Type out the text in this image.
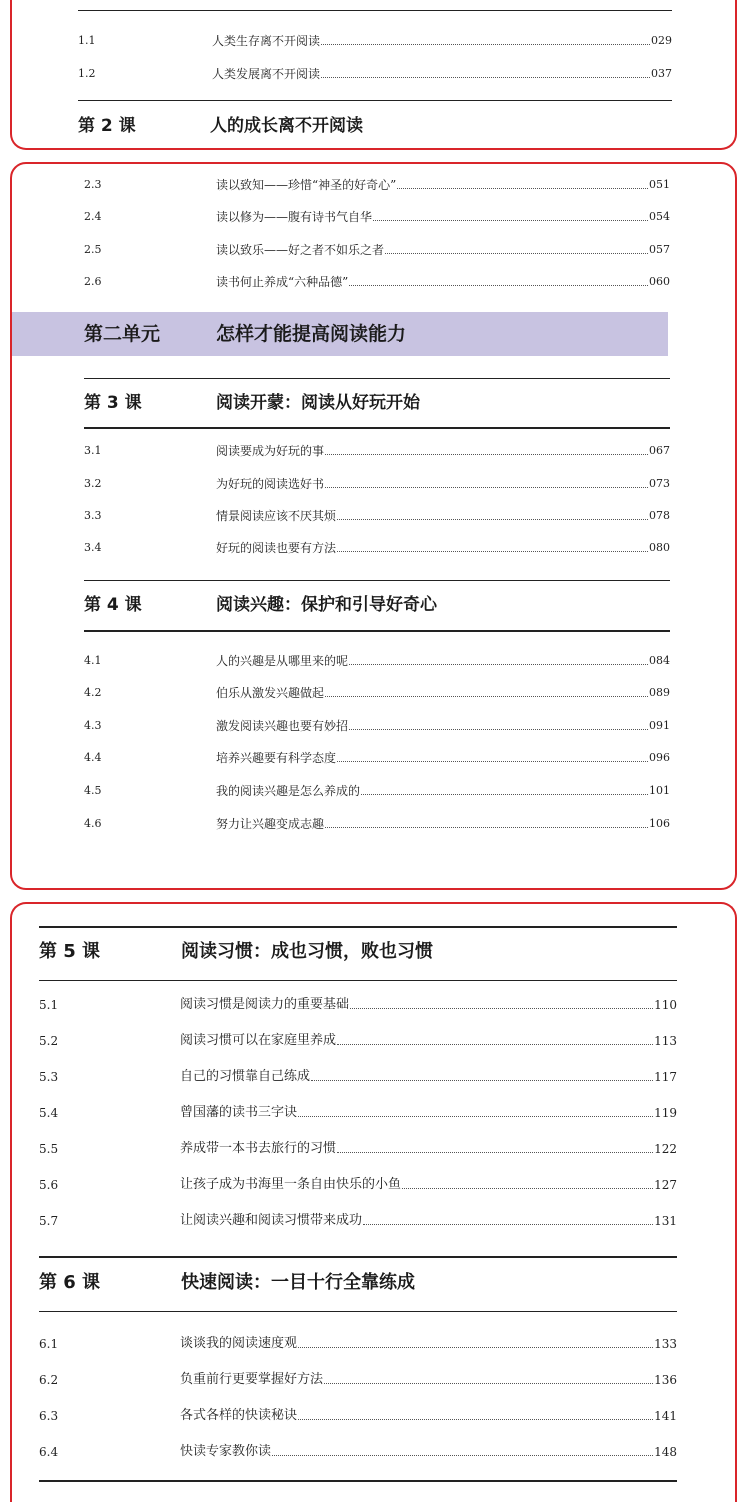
1.1	人类生存离不开阅读	029
1.2	人类发展离不开阅读	037
第 2 课	人的成长离不开阅读
2.3	读以致知——珍惜“神圣的好奇心”	051
2.4	读以修为——腹有诗书气自华	054
2.5	读以致乐——好之者不如乐之者	057
2.6	读书何止养成“六种品德”	060
第二单元	怎样才能提高阅读能力
第 3 课	阅读开蒙：阅读从好玩开始
3.1	阅读要成为好玩的事	067
3.2	为好玩的阅读选好书	073
3.3	情景阅读应该不厌其烦	078
3.4	好玩的阅读也要有方法	080
第 4 课	阅读兴趣：保护和引导好奇心
4.1	人的兴趣是从哪里来的呢	084
4.2	伯乐从激发兴趣做起	089
4.3	激发阅读兴趣也要有妙招	091
4.4	培养兴趣要有科学态度	096
4.5	我的阅读兴趣是怎么养成的	101
4.6	努力让兴趣变成志趣	106
第 5 课	阅读习惯：成也习惯，败也习惯
5.1	阅读习惯是阅读力的重要基础	110
5.2	阅读习惯可以在家庭里养成	113
5.3	自己的习惯靠自己练成	117
5.4	曾国藩的读书三字诀	119
5.5	养成带一本书去旅行的习惯	122
5.6	让孩子成为书海里一条自由快乐的小鱼	127
5.7	让阅读兴趣和阅读习惯带来成功	131
第 6 课	快速阅读：一目十行全靠练成
6.1	谈谈我的阅读速度观	133
6.2	负重前行更要掌握好方法	136
6.3	各式各样的快读秘诀	141
6.4	快读专家教你读	148
